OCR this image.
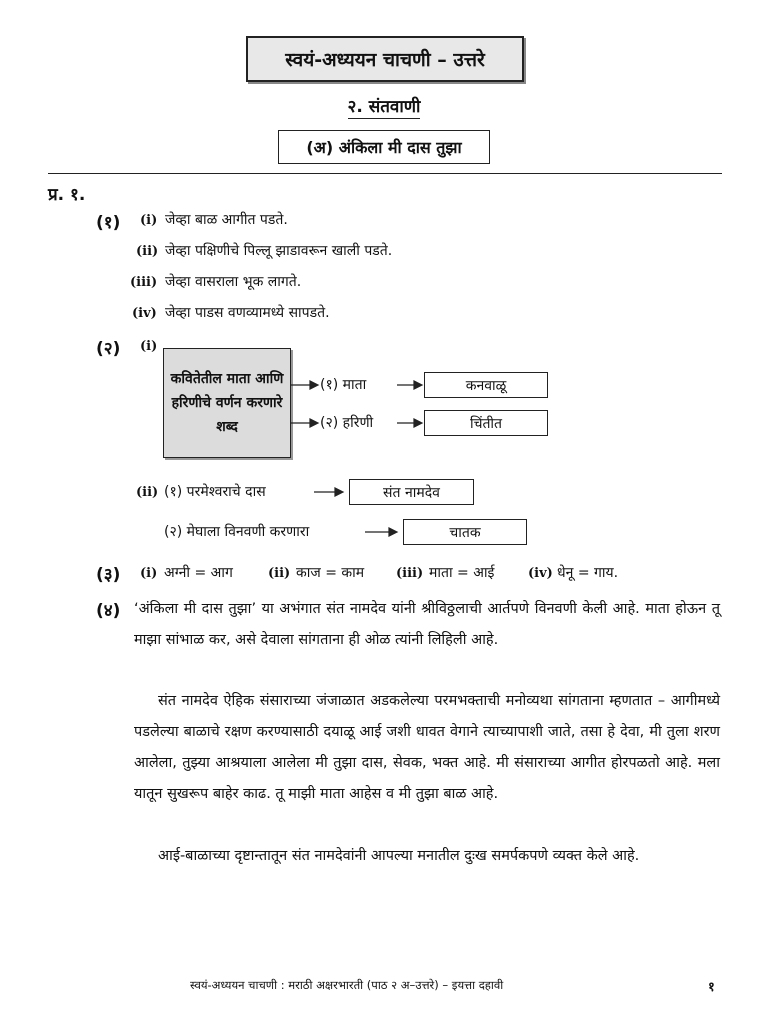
स्वयं-अध्ययन चाचणी – उत्तरे
२. संतवाणी
(अ) अंकिला मी दास तुझा
प्र. १.
(१) (i) जेव्हा बाळ आगीत पडते.
(ii) जेव्हा पक्षिणीचे पिल्लू झाडावरून खाली पडते.
(iii) जेव्हा वासराला भूक लागते.
(iv) जेव्हा पाडस वणव्यामध्ये सापडते.
(२) (i)
कवितेतील माता आणि हरिणीचे वर्णन करणारे शब्द
(१) माता	कनवाळू
(२) हरिणी	चिंतीत
(ii) (१) परमेश्वराचे दास	संत नामदेव
(२) मेघाला विनवणी करणारा	चातक
(३) (i) अग्नी = आग	(ii) काज = काम (iii) माता = आई	(iv) धेनू = गाय.
(४) ‘अंकिला मी दास तुझा’ या अभंगात संत नामदेव यांनी श्रीविठ्ठलाची आर्तपणे विनवणी केली आहे. माता होऊन तू माझा सांभाळ कर, असे देवाला सांगताना ही ओळ त्यांनी लिहिली आहे.
संत नामदेव ऐहिक संसाराच्या जंजाळात अडकलेल्या परमभक्ताची मनोव्यथा सांगताना म्हणतात – आगीमध्ये पडलेल्या बाळाचे रक्षण करण्यासाठी दयाळू आई जशी धावत वेगाने त्याच्यापाशी जाते, तसा हे देवा, मी तुला शरण आलेला, तुझ्या आश्रयाला आलेला मी तुझा दास, सेवक, भक्त आहे. मी संसाराच्या आगीत होरपळतो आहे. मला यातून सुखरूप बाहेर काढ. तू माझी माता आहेस व मी तुझा बाळ आहे.
आई-बाळाच्या दृष्टान्तातून संत नामदेवांनी आपल्या मनातील दुःख समर्पकपणे व्यक्त केले आहे.
स्वयं-अध्ययन चाचणी : मराठी अक्षरभारती (पाठ २ अ–उत्तरे) – इयत्ता दहावी	१
